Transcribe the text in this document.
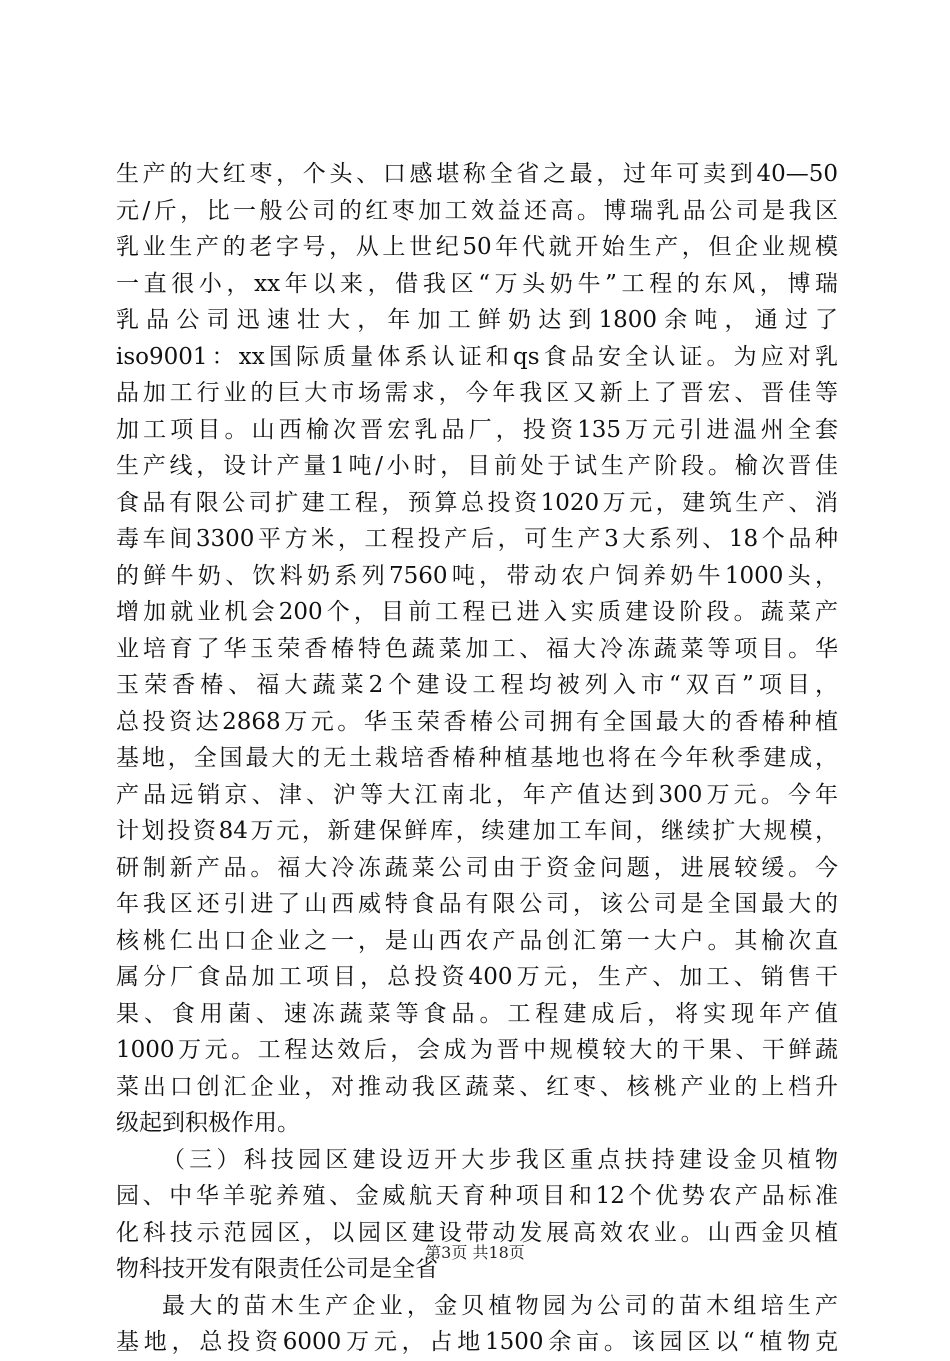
生产的大红枣，个头、口感堪称全省之最，过年可卖到40—50
元/斤，比一般公司的红枣加工效益还高。博瑞乳品公司是我区
乳业生产的老字号，从上世纪50年代就开始生产，但企业规模
一直很小，xx年以来，借我区“万头奶牛”工程的东风，博瑞
乳品公司迅速壮大，年加工鲜奶达到1800余吨，通过了
iso9001：xx国际质量体系认证和qs食品安全认证。为应对乳
品加工行业的巨大市场需求，今年我区又新上了晋宏、晋佳等
加工项目。山西榆次晋宏乳品厂，投资135万元引进温州全套
生产线，设计产量1吨/小时，目前处于试生产阶段。榆次晋佳
食品有限公司扩建工程，预算总投资1020万元，建筑生产、消
毒车间3300平方米，工程投产后，可生产3大系列、18个品种
的鲜牛奶、饮料奶系列7560吨，带动农户饲养奶牛1000头，
增加就业机会200个，目前工程已进入实质建设阶段。蔬菜产
业培育了华玉荣香椿特色蔬菜加工、福大冷冻蔬菜等项目。华
玉荣香椿、福大蔬菜2个建设工程均被列入市“双百”项目，
总投资达2868万元。华玉荣香椿公司拥有全国最大的香椿种植
基地，全国最大的无土栽培香椿种植基地也将在今年秋季建成，
产品远销京、津、沪等大江南北，年产值达到300万元。今年
计划投资84万元，新建保鲜库，续建加工车间，继续扩大规模，
研制新产品。福大冷冻蔬菜公司由于资金问题，进展较缓。今
年我区还引进了山西威特食品有限公司，该公司是全国最大的
核桃仁出口企业之一，是山西农产品创汇第一大户。其榆次直
属分厂食品加工项目，总投资400万元，生产、加工、销售干
果、食用菌、速冻蔬菜等食品。工程建成后，将实现年产值
1000万元。工程达效后，会成为晋中规模较大的干果、干鲜蔬
菜出口创汇企业，对推动我区蔬菜、红枣、核桃产业的上档升
级起到积极作用。
（三）科技园区建设迈开大步我区重点扶持建设金贝植物
园、中华羊驼养殖、金威航天育种项目和12个优势农产品标准
化科技示范园区，以园区建设带动发展高效农业。山西金贝植
物科技开发有限责任公司是全省
最大的苗木生产企业，金贝植物园为公司的苗木组培生产
基地，总投资6000万元，占地1500余亩。该园区以“植物克
第3页 共18页
